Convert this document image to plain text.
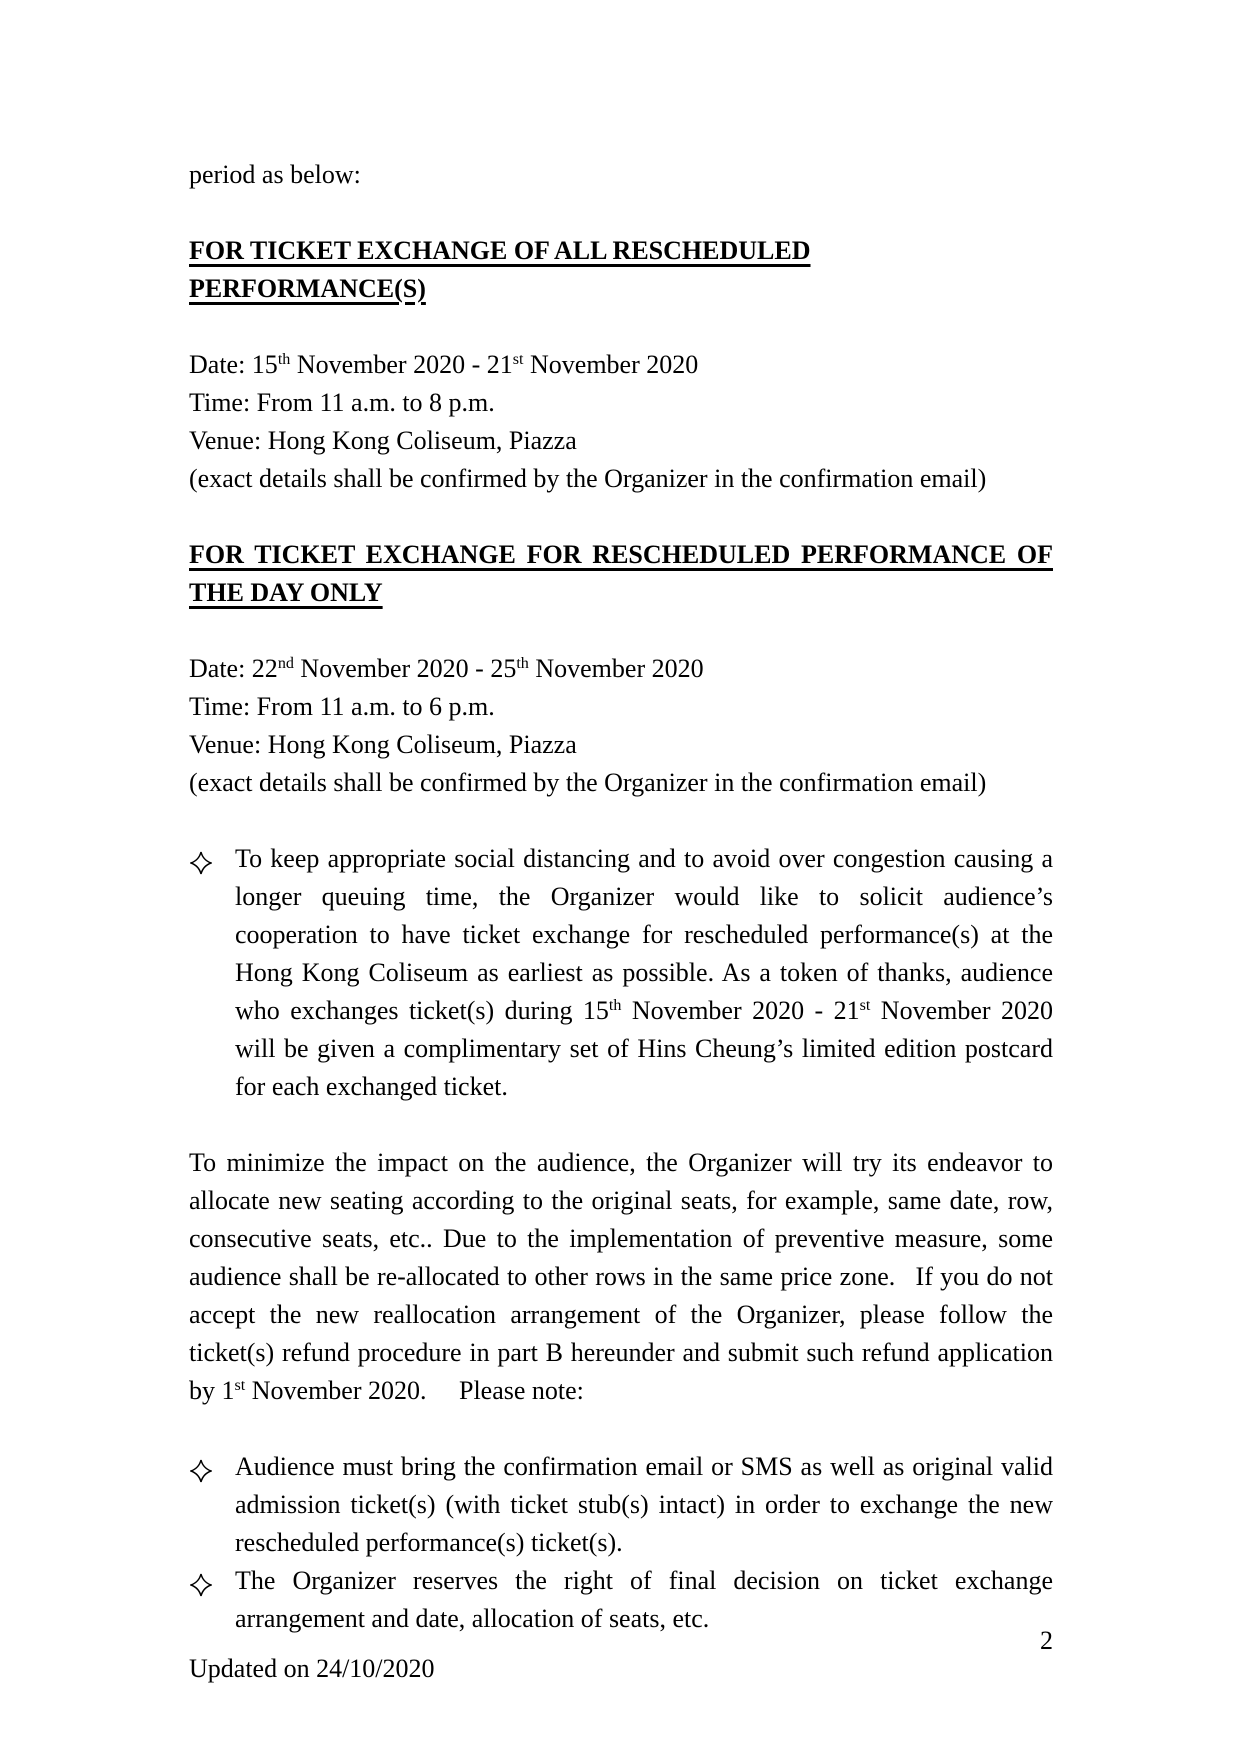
period as below:

FOR TICKET EXCHANGE OF ALL RESCHEDULED PERFORMANCE(S)

Date: 15th November 2020 - 21st November 2020

Time: From 11 a.m. to 8 p.m.

Venue: Hong Kong Coliseum, Piazza

(exact details shall be confirmed by the Organizer in the confirmation email)

FOR TICKET EXCHANGE FOR RESCHEDULED PERFORMANCE OF
THE DAY ONLY

Date: 22nd November 2020 - 25th November 2020

Time: From 11 a.m. to 6 p.m.

Venue: Hong Kong Coliseum, Piazza

(exact details shall be confirmed by the Organizer in the confirmation email)

To keep appropriate social distancing and to avoid over congestion causing a longer queuing time, the Organizer would like to solicit audience’s cooperation to have ticket exchange for rescheduled performance(s) at the Hong Kong Coliseum as earliest as possible. As a token of thanks, audience who exchanges ticket(s) during 15th November 2020 - 21st November 2020 will be given a complimentary set of Hins Cheung’s limited edition postcard for each exchanged ticket.

To minimize the impact on the audience, the Organizer will try its endeavor to allocate new seating according to the original seats, for example, same date, row, consecutive seats, etc.. Due to the implementation of preventive measure, some audience shall be re-allocated to other rows in the same price zone.  If you do not accept the new reallocation arrangement of the Organizer, please follow the ticket(s) refund procedure in part B hereunder and submit such refund application by 1st November 2020.  Please note:

Audience must bring the confirmation email or SMS as well as original valid admission ticket(s) (with ticket stub(s) intact) in order to exchange the new rescheduled performance(s) ticket(s).
The Organizer reserves the right of final decision on ticket exchange arrangement and date, allocation of seats, etc.
2
Updated on 24/10/2020
